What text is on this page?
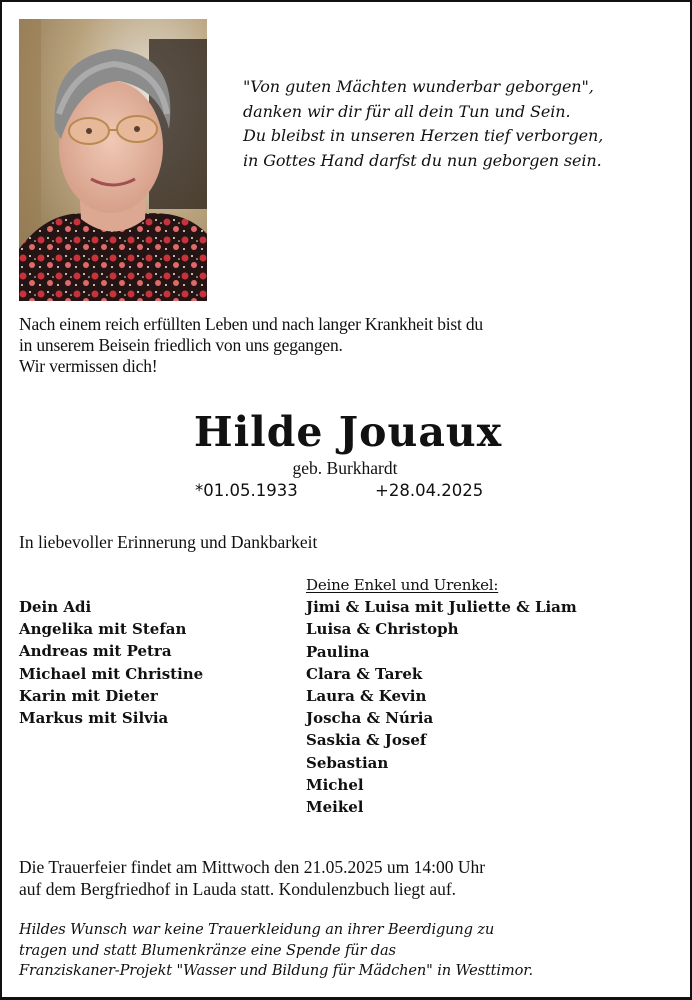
"Von guten Mächten wunderbar geborgen",
danken wir dir für all dein Tun und Sein.
Du bleibst in unseren Herzen tief verborgen,
in Gottes Hand darfst du nun geborgen sein.
Nach einem reich erfüllten Leben und nach langer Krankheit bist du
in unserem Beisein friedlich von uns gegangen.
Wir vermissen dich!
Hilde Jouaux
geb. Burkhardt
*01.05.1933	+28.04.2025
In liebevoller Erinnerung und Dankbarkeit
Dein Adi
Angelika mit Stefan
Andreas mit Petra
Michael mit Christine
Karin mit Dieter
Markus mit Silvia
Deine Enkel und Urenkel:
Jimi & Luisa mit Juliette & Liam
Luisa & Christoph
Paulina
Clara & Tarek
Laura & Kevin
Joscha & Núria
Saskia & Josef
Sebastian
Michel
Meikel
Die Trauerfeier findet am Mittwoch den 21.05.2025 um 14:00 Uhr
auf dem Bergfriedhof in Lauda statt. Kondulenzbuch liegt auf.
Hildes Wunsch war keine Trauerkleidung an ihrer Beerdigung zu
tragen und statt Blumenkränze eine Spende für das
Franziskaner-Projekt "Wasser und Bildung für Mädchen" in Westtimor.
